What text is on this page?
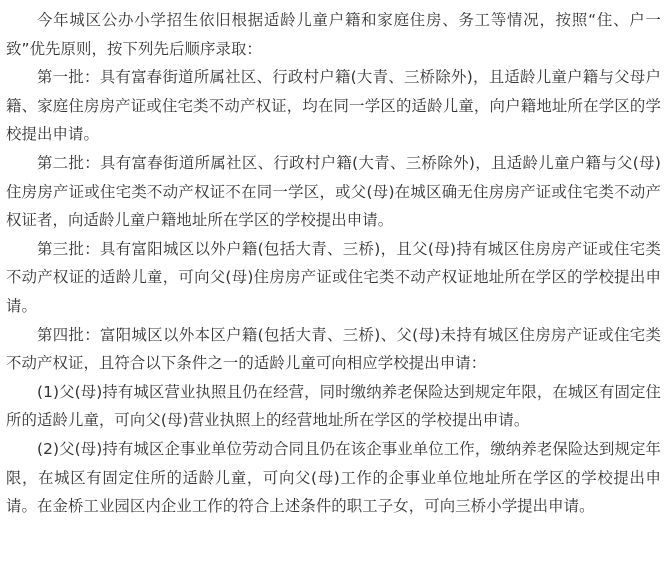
今年城区公办小学招生依旧根据适龄儿童户籍和家庭住房、务工等情况，按照“住、户一致”优先原则，按下列先后顺序录取：

第一批：具有富春街道所属社区、行政村户籍(大青、三桥除外)，且适龄儿童户籍与父母户籍、家庭住房房产证或住宅类不动产权证，均在同一学区的适龄儿童，向户籍地址所在学区的学校提出申请。

第二批：具有富春街道所属社区、行政村户籍(大青、三桥除外)，且适龄儿童户籍与父(母)住房房产证或住宅类不动产权证不在同一学区，或父(母)在城区确无住房房产证或住宅类不动产权证者，向适龄儿童户籍地址所在学区的学校提出申请。

第三批：具有富阳城区以外户籍(包括大青、三桥)，且父(母)持有城区住房房产证或住宅类不动产权证的适龄儿童，可向父(母)住房房产证或住宅类不动产权证地址所在学区的学校提出申请。

第四批：富阳城区以外本区户籍(包括大青、三桥)、父(母)未持有城区住房房产证或住宅类不动产权证，且符合以下条件之一的适龄儿童可向相应学校提出申请：

(1)父(母)持有城区营业执照且仍在经营，同时缴纳养老保险达到规定年限，在城区有固定住所的适龄儿童，可向父(母)营业执照上的经营地址所在学区的学校提出申请。

(2)父(母)持有城区企事业单位劳动合同且仍在该企事业单位工作，缴纳养老保险达到规定年限，在城区有固定住所的适龄儿童，可向父(母)工作的企事业单位地址所在学区的学校提出申请。在金桥工业园区内企业工作的符合上述条件的职工子女，可向三桥小学提出申请。
